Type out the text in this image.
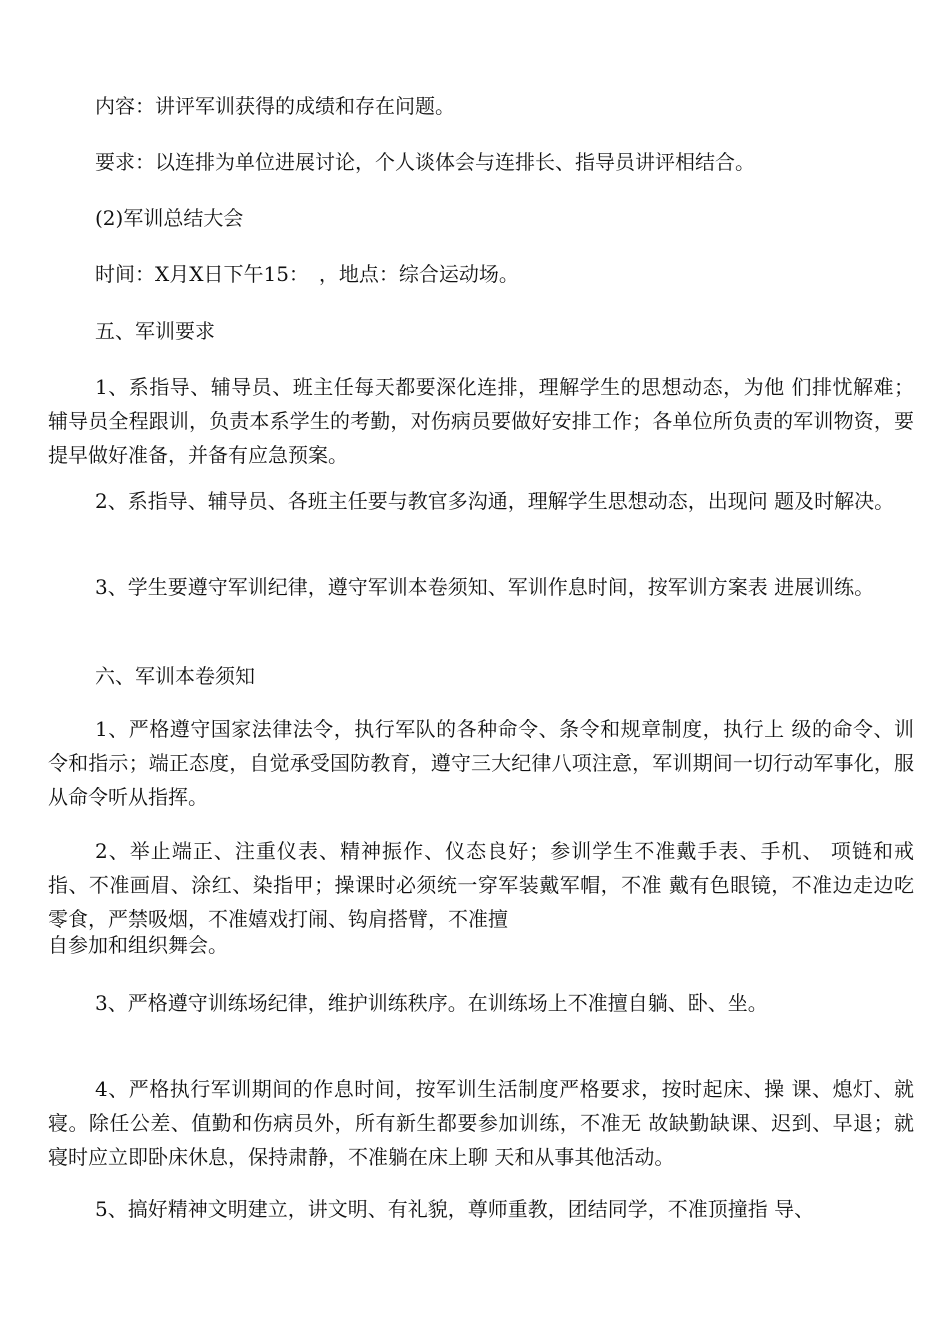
内容：讲评军训获得的成绩和存在问题。
要求：以连排为单位进展讨论，个人谈体会与连排长、指导员讲评相结合。
(2)军训总结大会
时间：X月X日下午15：　，地点：综合运动场。
五、军训要求

1、系指导、辅导员、班主任每天都要深化连排，理解学生的思想动态，为他 们排忧解难；辅导员全程跟训，负责本系学生的考勤，对伤病员要做好安排工作；各单位所负责的军训物资，要提早做好准备，并备有应急预案。

2、系指导、辅导员、各班主任要与教官多沟通，理解学生思想动态，出现问 题及时解决。

3、学生要遵守军训纪律，遵守军训本卷须知、军训作息时间，按军训方案表 进展训练。

六、军训本卷须知

1、严格遵守国家法律法令，执行军队的各种命令、条令和规章制度，执行上 级的命令、训令和指示；端正态度，自觉承受国防教育，遵守三大纪律八项注意，军训期间一切行动军事化，服从命令听从指挥。

2、举止端正、注重仪表、精神振作、仪态良好；参训学生不准戴手表、手机、 项链和戒指、不准画眉、涂红、染指甲；操课时必须统一穿军装戴军帽，不准 戴有色眼镜，不准边走边吃零食，严禁吸烟，不准嬉戏打闹、钩肩搭臂，不准擅

自参加和组织舞会。

3、严格遵守训练场纪律，维护训练秩序。在训练场上不准擅自躺、卧、坐。

4、严格执行军训期间的作息时间，按军训生活制度严格要求，按时起床、操 课、熄灯、就寝。除任公差、值勤和伤病员外，所有新生都要参加训练，不准无 故缺勤缺课、迟到、早退；就寝时应立即卧床休息，保持肃静，不准躺在床上聊 天和从事其他活动。

5、搞好精神文明建立，讲文明、有礼貌，尊师重教，团结同学，不准顶撞指 导、
